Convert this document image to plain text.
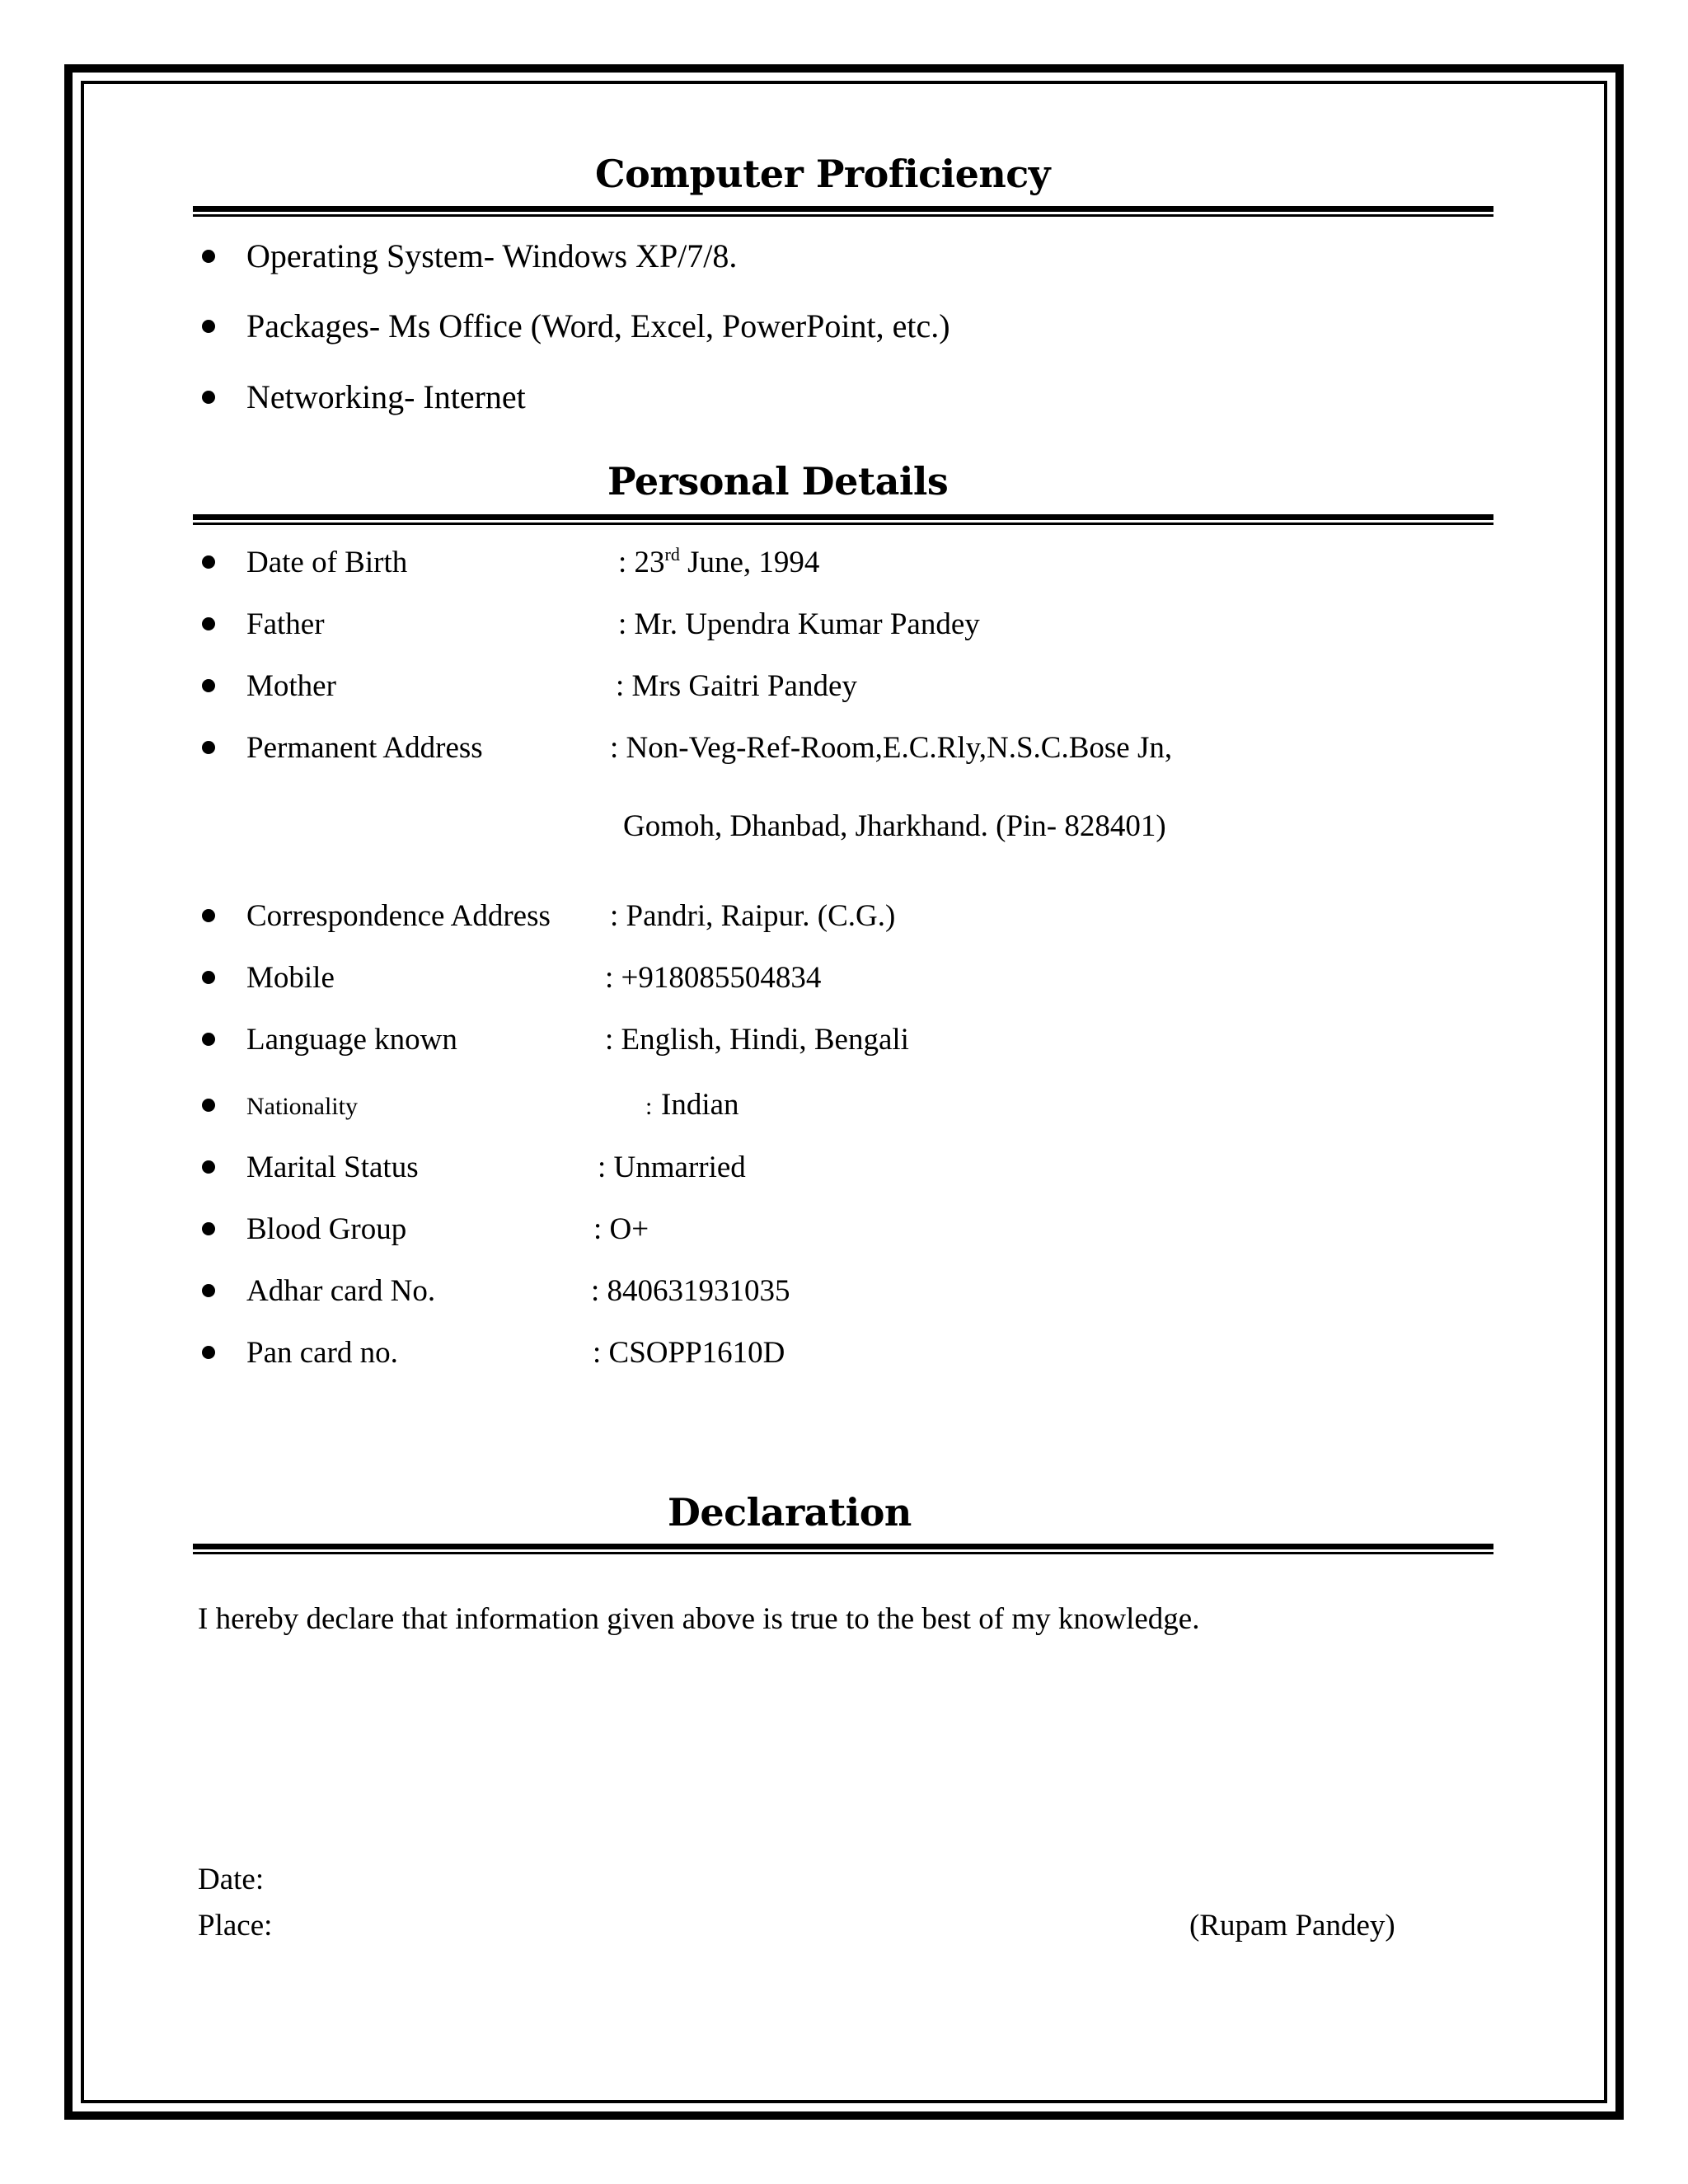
Computer Proficiency
Operating System- Windows XP/7/8.
Packages- Ms Office (Word, Excel, PowerPoint, etc.)
Networking- Internet
Personal Details
Date of Birth	: 23rd June, 1994
Father	: Mr. Upendra Kumar Pandey
Mother	: Mrs Gaitri Pandey
Permanent Address	: Non-Veg-Ref-Room,E.C.Rly,N.S.C.Bose Jn,
Gomoh, Dhanbad, Jharkhand. (Pin- 828401)
Correspondence Address : Pandri, Raipur. (C.G.)
Mobile	: +918085504834
Language known	: English, Hindi, Bengali
Nationality	: Indian
Marital Status	: Unmarried
Blood Group	: O+
Adhar card No.	: 840631931035
Pan card no.	: CSOPP1610D
Declaration
I hereby declare that information given above is true to the best of my knowledge.
Date:
Place:	(Rupam Pandey)
